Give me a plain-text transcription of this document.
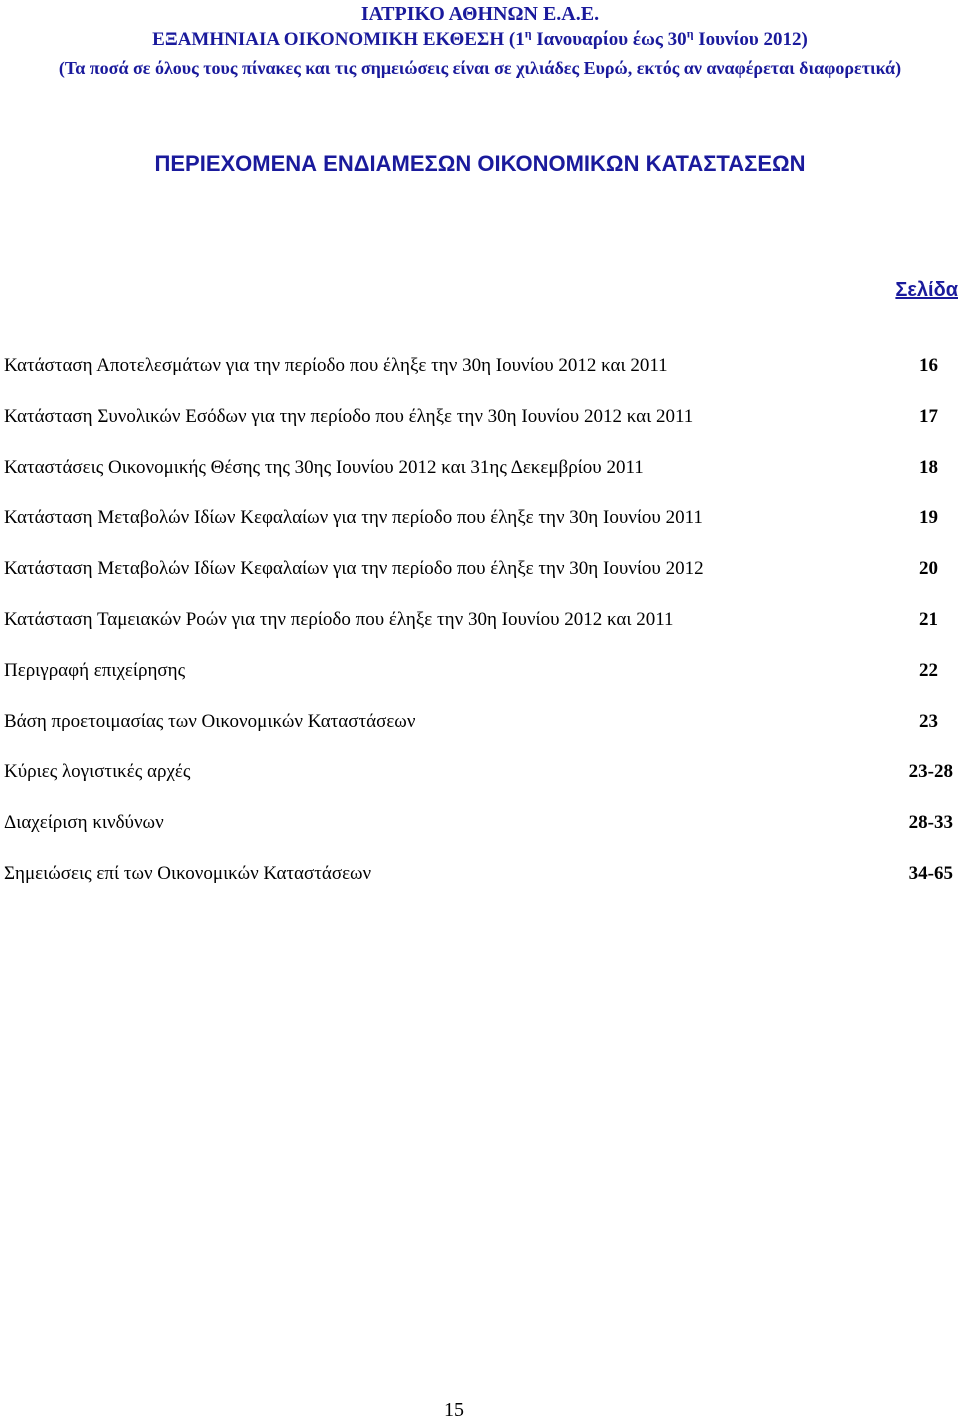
ΙΑΤΡΙΚΟ ΑΘΗΝΩΝ Ε.Α.Ε.
ΕΞΑΜΗΝΙΑΙΑ ΟΙΚΟΝΟΜΙΚΗ ΕΚΘΕΣΗ ($1^\eta$ Ιανουαρίου έως $30^\eta$ Ιουνίου 2012)
(Τα ποσά σε όλους τους πίνακες και τις σημειώσεις είναι σε χιλιάδες Ευρώ, εκτός αν αναφέρεται διαφορετικά)
ΠΕΡΙΕΧΟΜΕΝΑ ΕΝΔΙΑΜΕΣΩΝ ΟΙΚΟΝΟΜΙΚΩΝ ΚΑΤΑΣΤΑΣΕΩΝ
Σελίδα
Κατάσταση Αποτελεσμάτων για την περίοδο που έληξε την 30η Ιουνίου 2012 και 2011	16
Κατάσταση Συνολικών Εσόδων για την περίοδο που έληξε την 30η Ιουνίου 2012 και 2011	17
Καταστάσεις Οικονομικής Θέσης της 30ης Ιουνίου 2012 και 31ης Δεκεμβρίου 2011	18
Κατάσταση Μεταβολών Ιδίων Κεφαλαίων για την περίοδο που έληξε την 30η Ιουνίου 2011	19
Κατάσταση Μεταβολών Ιδίων Κεφαλαίων για την περίοδο που έληξε την 30η Ιουνίου 2012	20
Κατάσταση Ταμειακών Ροών για την περίοδο που έληξε την 30η Ιουνίου 2012 και 2011	21
Περιγραφή επιχείρησης	22
Βάση προετοιμασίας των Οικονομικών Καταστάσεων	23
Κύριες λογιστικές αρχές	23-28
Διαχείριση κινδύνων	28-33
Σημειώσεις επί των Οικονομικών Καταστάσεων	34-65
15
